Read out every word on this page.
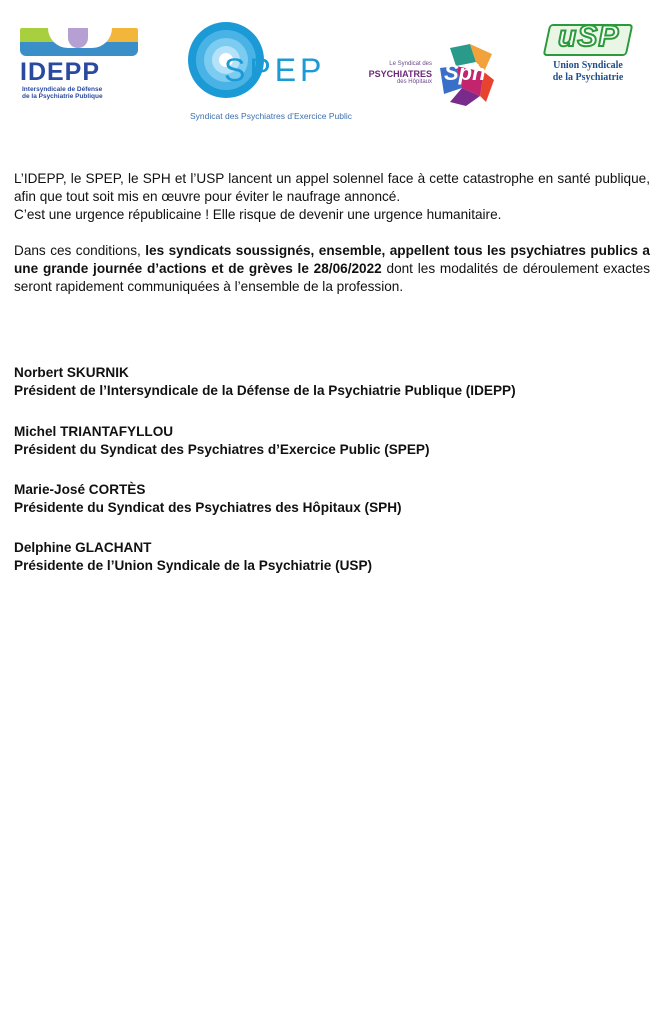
IDEPP
Intersyndicale de Défense
de la Psychiatrie Publique
SPEP
Syndicat des Psychiatres d’Exercice Public
Le Syndicat des
PSYCHIATRES
des Hôpitaux Sph
uSP
Union Syndicale
de la Psychiatrie
L’IDEPP, le SPEP, le SPH et l’USP lancent un appel solennel face à cette catastrophe en santé publique, afin que tout soit mis en œuvre pour éviter le naufrage annoncé.
C’est une urgence républicaine ! Elle risque de devenir une urgence humanitaire.
Dans ces conditions, les syndicats soussignés, ensemble, appellent tous les psychiatres publics a une grande journée d’actions et de grèves le 28/06/2022 dont les modalités de déroulement exactes seront rapidement communiquées à l’ensemble de la profession.
Norbert SKURNIK
Président de l’Intersyndicale de la Défense de la Psychiatrie Publique (IDEPP)
Michel TRIANTAFYLLOU
Président du Syndicat des Psychiatres d’Exercice Public (SPEP)
Marie-José CORTÈS
Présidente du Syndicat des Psychiatres des Hôpitaux (SPH)
Delphine GLACHANT
Présidente de l’Union Syndicale de la Psychiatrie (USP)
